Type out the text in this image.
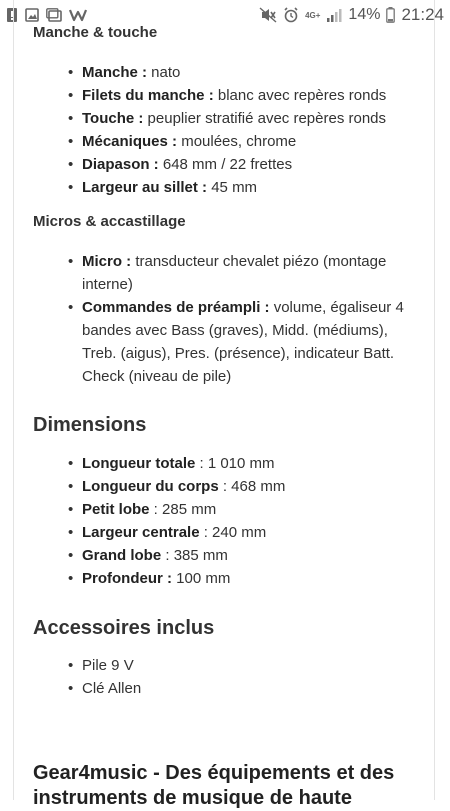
4G+ 14% 21:24
Manche & touche
• Manche : nato
• Filets du manche : blanc avec repères ronds
• Touche : peuplier stratifié avec repères ronds
• Mécaniques : moulées, chrome
• Diapason : 648 mm / 22 frettes
• Largeur au sillet : 45 mm
Micros & accastillage
• Micro : transducteur chevalet piézo (montage interne)
• Commandes de préampli : volume, égaliseur 4 bandes avec Bass (graves), Midd. (médiums), Treb. (aigus), Pres. (présence), indicateur Batt. Check (niveau de pile)
Dimensions
• Longueur totale : 1 010 mm
• Longueur du corps : 468 mm
• Petit lobe : 285 mm
• Largeur centrale : 240 mm
• Grand lobe : 385 mm
• Profondeur : 100 mm
Accessoires inclus
• Pile 9 V
• Clé Allen
Gear4music - Des équipements et des instruments de musique de haute
